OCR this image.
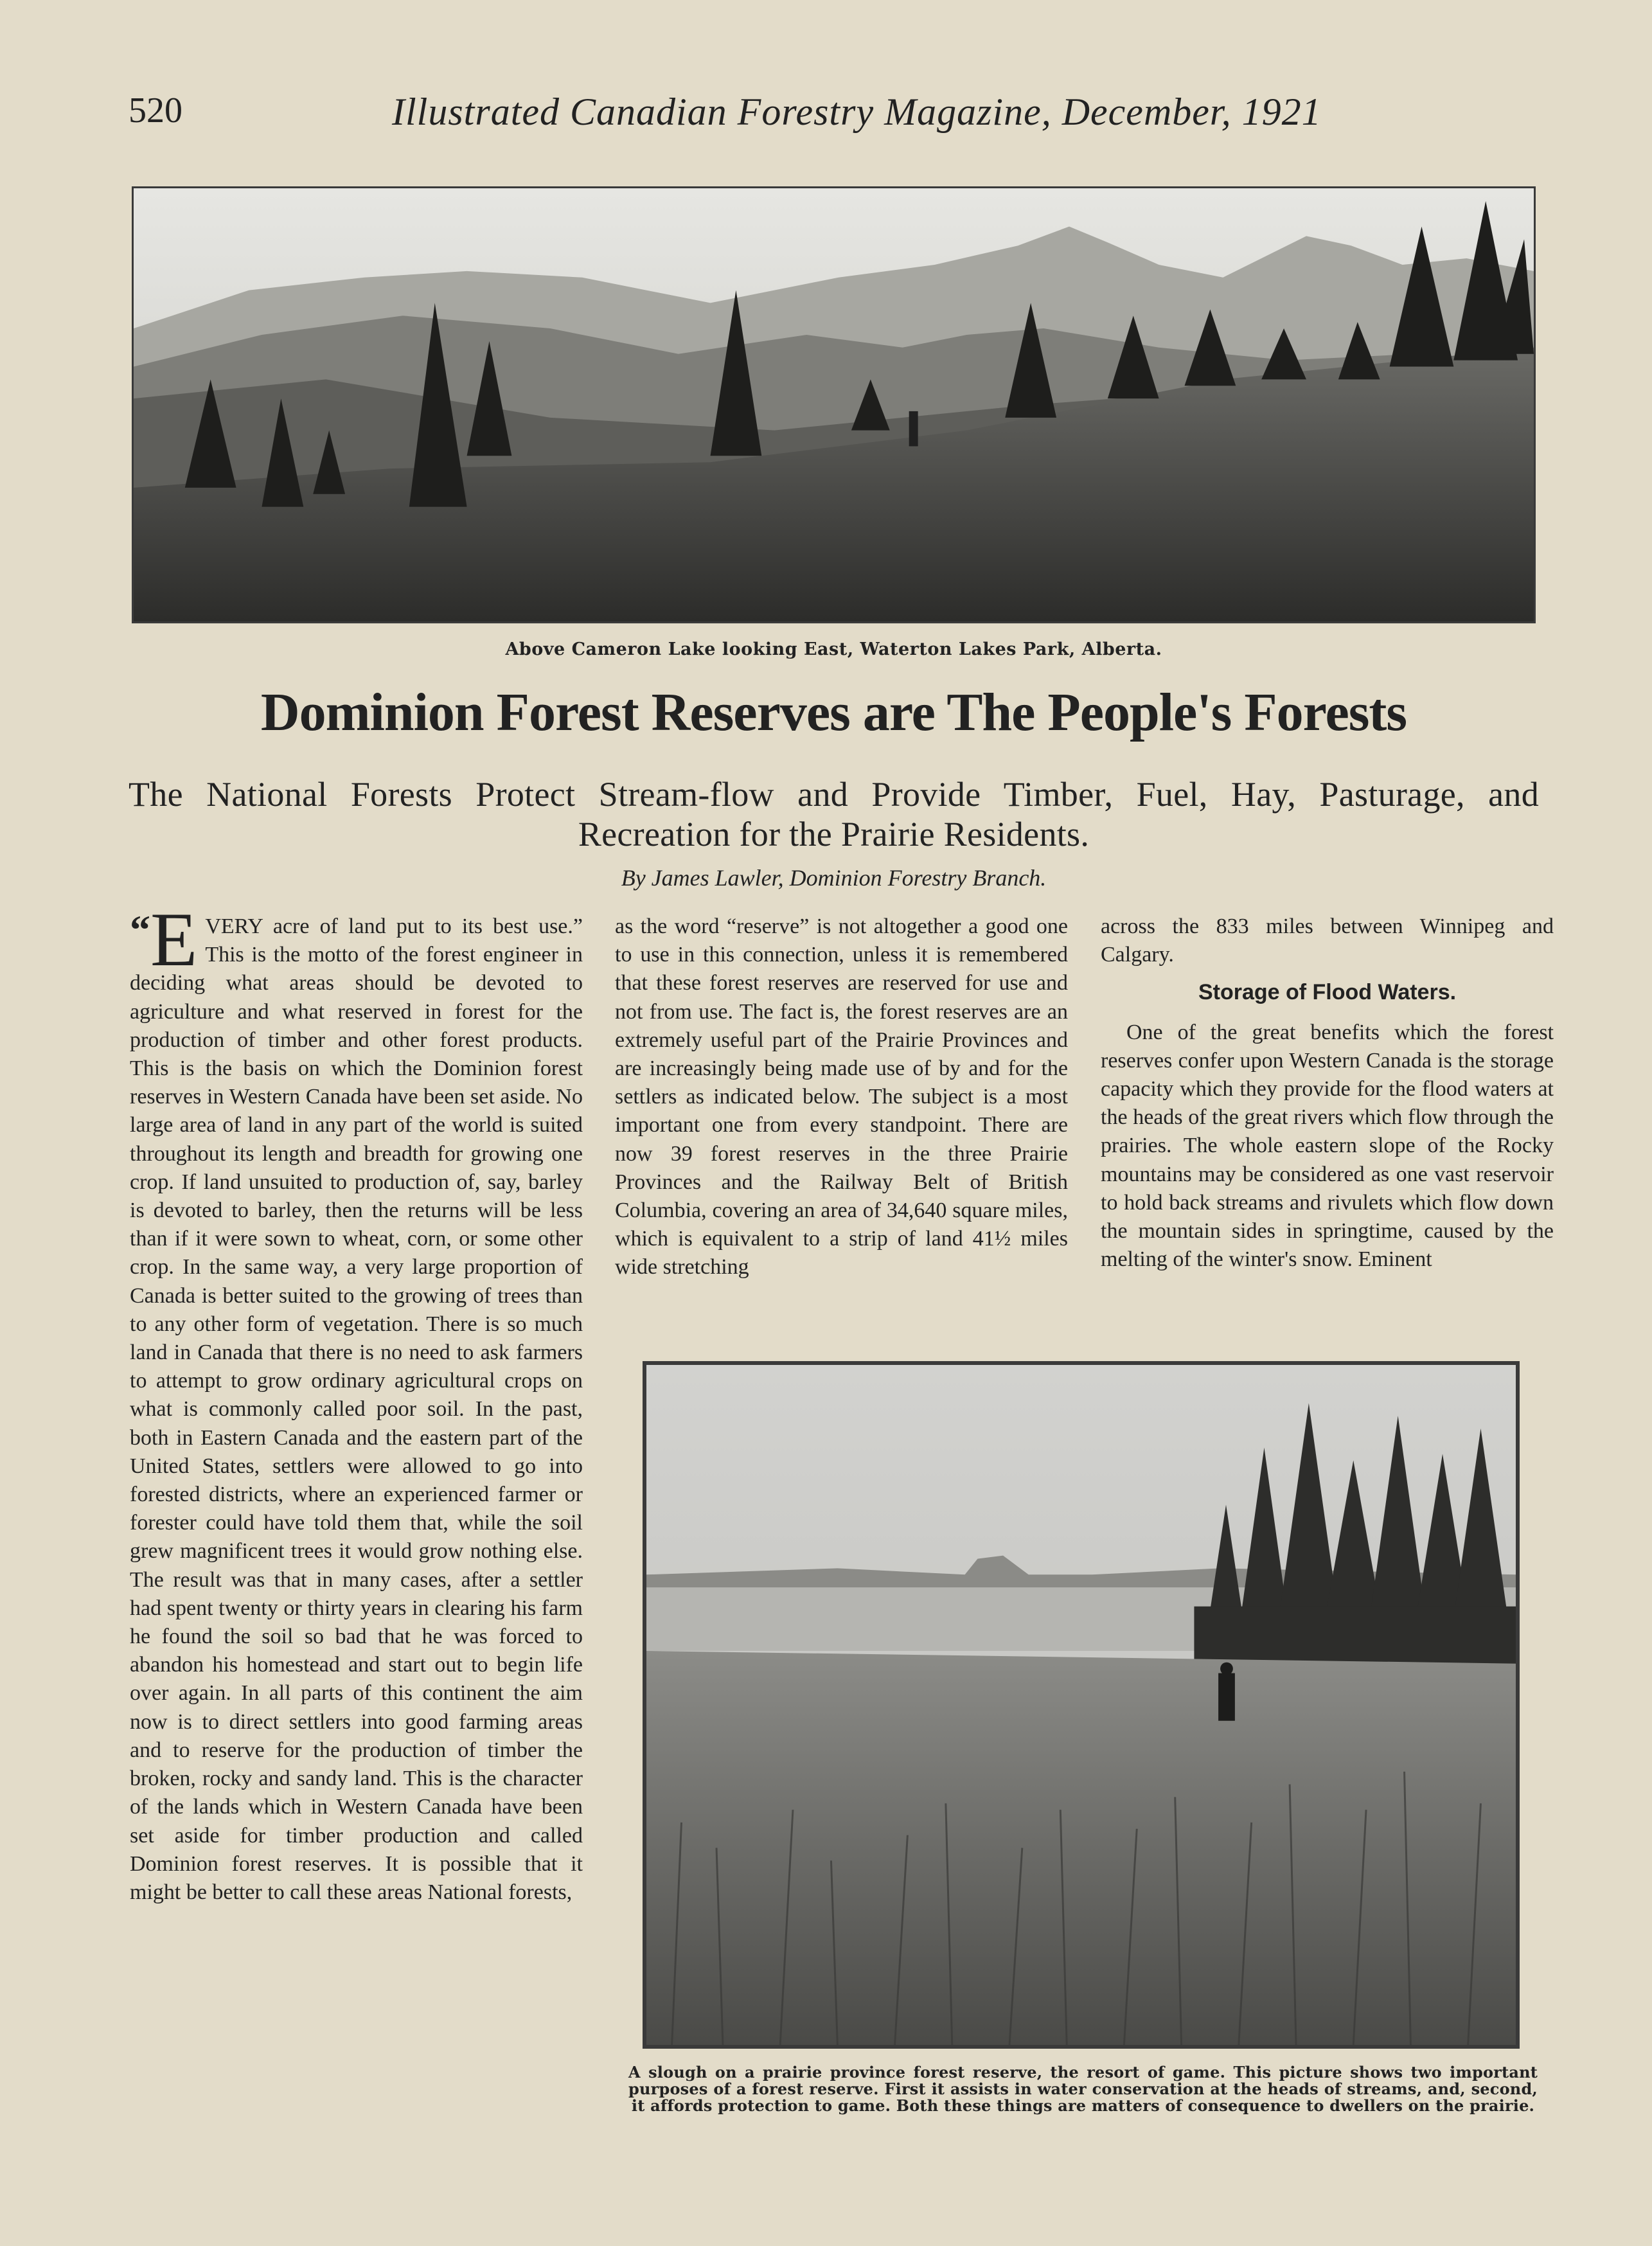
520	Illustrated Canadian Forestry Magazine, December, 1921
Above Cameron Lake looking East, Waterton Lakes Park, Alberta.
Dominion Forest Reserves are The People's Forests
The National Forests Protect Stream-flow and Provide Timber, Fuel, Hay, Pasturage, and Recreation for the Prairie Residents.
By James Lawler, Dominion Forestry Branch.

“E VERY acre of land put to its best use.” This is the motto of the forest engineer in deciding what areas should be devoted to agriculture and what reserved in forest for the production of timber and other forest products. This is the basis on which the Dominion forest reserves in Western Canada have been set aside. No large area of land in any part of the world is suited throughout its length and breadth for growing one crop. If land unsuited to production of, say, barley is devoted to barley, then the returns will be less than if it were sown to wheat, corn, or some other crop. In the same way, a very large proportion of Canada is better suited to the growing of trees than to any other form of vegetation. There is so much land in Canada that there is no need to ask farmers to attempt to grow ordinary agricultural crops on what is commonly called poor soil. In the past, both in Eastern Canada and the eastern part of the United States, settlers were allowed to go into forested districts, where an experienced farmer or forester could have told them that, while the soil grew magnificent trees it would grow nothing else. The result was that in many cases, after a settler had spent twenty or thirty years in clearing his farm he found the soil so bad that he was forced to abandon his homestead and start out to begin life over again. In all parts of this continent the aim now is to direct settlers into good farming areas and to reserve for the production of timber the broken, rocky and sandy land. This is the character of the lands which in Western Canada have been set aside for timber production and called Dominion forest reserves. It is possible that it might be better to call these areas National forests,

as the word “reserve” is not altogether a good one to use in this connection, unless it is remembered that these forest reserves are reserved for use and not from use. The fact is, the forest reserves are an extremely useful part of the Prairie Provinces and are increasingly being made use of by and for the settlers as indicated below. The subject is a most important one from every standpoint. There are now 39 forest reserves in the three Prairie Provinces and the Railway Belt of British Columbia, covering an area of 34,640 square miles, which is equivalent to a strip of land 41½ miles wide stretching

across the 833 miles between Winnipeg and Calgary.

Storage of Flood Waters.

One of the great benefits which the forest reserves confer upon Western Canada is the storage capacity which they provide for the flood waters at the heads of the great rivers which flow through the prairies. The whole eastern slope of the Rocky mountains may be considered as one vast reservoir to hold back streams and rivulets which flow down the mountain sides in springtime, caused by the melting of the winter's snow. Eminent

A slough on a prairie province forest reserve, the resort of game. This picture shows two important purposes of a forest reserve. First it assists in water conservation at the heads of streams, and, second, it affords protection to game. Both these things are matters of consequence to dwellers on the prairie.
